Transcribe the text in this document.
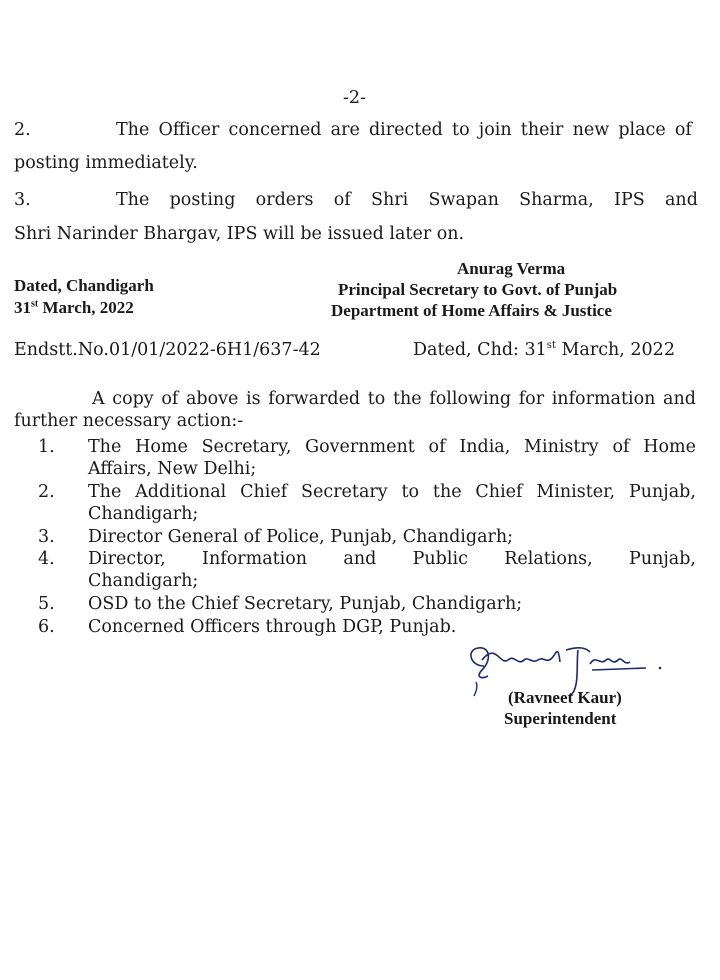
-2-
2.	The Officer concerned are directed to join their new place of
posting immediately.
3.	The posting orders of Shri Swapan Sharma, IPS and
Shri Narinder Bhargav, IPS will be issued later on.
Dated, Chandigarh
31st March, 2022
Anurag Verma
Principal Secretary to Govt. of Punjab
Department of Home Affairs & Justice
Endstt.No.01/01/2022-6H1/637-42	Dated, Chd: 31st March, 2022
A copy of above is forwarded to the following for information and
further necessary action:-
1. The Home Secretary, Government of India, Ministry of Home
Affairs, New Delhi;
2. The Additional Chief Secretary to the Chief Minister, Punjab,
Chandigarh;
3. Director General of Police, Punjab, Chandigarh;
4. Director, Information and Public Relations, Punjab,
Chandigarh;
5. OSD to the Chief Secretary, Punjab, Chandigarh;
6. Concerned Officers through DGP, Punjab.
(Ravneet Kaur)
Superintendent
